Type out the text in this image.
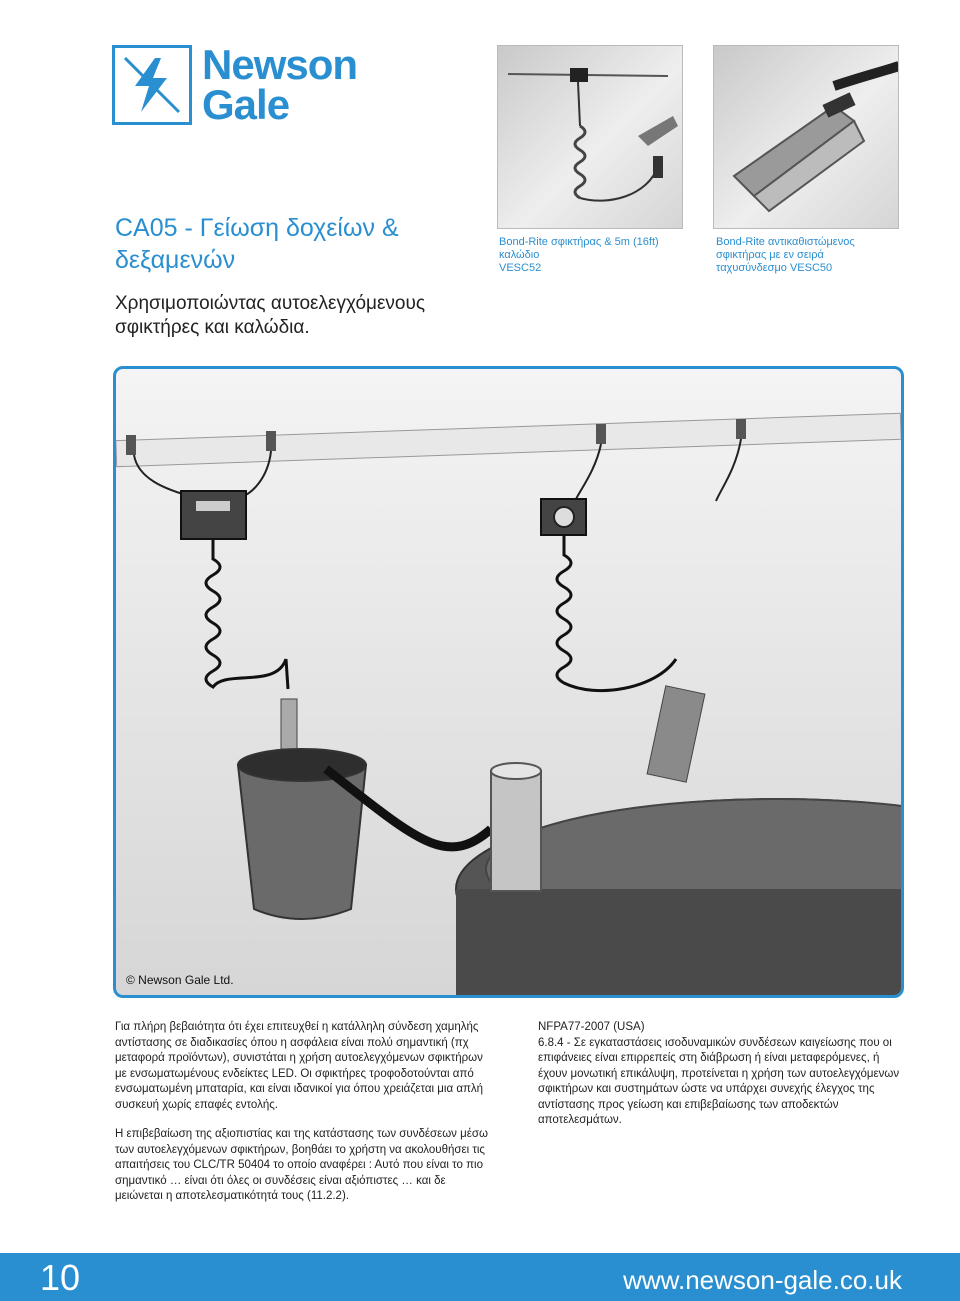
Newson
Gale
CA05 - Γείωση δοχείων & δεξαμενών
Χρησιμοποιώντας αυτοελεγχόμενους σφικτήρες και καλώδια.
Bond-Rite σφικτήρας & 5m (16ft)
καλώδιο
VESC52
Bond-Rite αντικαθιστώμενος
σφικτήρας με εν σειρά
ταχυσύνδεσμο VESC50
© Newson Gale Ltd.

Για πλήρη βεβαιότητα ότι έχει επιτευχθεί η κατάλληλη σύνδεση χαμηλής αντίστασης σε διαδικασίες όπου η ασφάλεια είναι πολύ σημαντική (πχ μεταφορά προϊόντων), συνιστάται η χρήση αυτοελεγχόμενων σφικτήρων με ενσωματωμένους ενδείκτες LED. Οι σφικτήρες τροφοδοτούνται από ενσωματωμένη μπαταρία, και είναι ιδανικοί για όπου χρειάζεται μια απλή συσκευή χωρίς επαφές εντολής.

Η επιβεβαίωση της αξιοπιστίας και της κατάστασης των συνδέσεων μέσω των αυτοελεγχόμενων σφικτήρων, βοηθάει το χρήστη να ακολουθήσει τις απαιτήσεις του CLC/TR 50404 το οποίο αναφέρει : Αυτό που είναι το πιο σημαντικό … είναι ότι όλες οι συνδέσεις είναι αξιόπιστες … και δε μειώνεται η αποτελεσματικότητά τους (11.2.2).

NFPA77-2007 (USA)

6.8.4 - Σε εγκαταστάσεις ισοδυναμικών συνδέσεων καιγείωσης που οι επιφάνειες είναι επιρρεπείς στη διάβρωση ή είναι μεταφερόμενες, ή έχουν μονωτική επικάλυψη, προτείνεται η χρήση των αυτοελεγχόμενων σφικτήρων και συστημάτων ώστε να υπάρχει συνεχής έλεγχος της αντίστασης προς γείωση και επιβεβαίωσης των αποδεκτών αποτελεσμάτων.

10	www.newson-gale.co.uk
